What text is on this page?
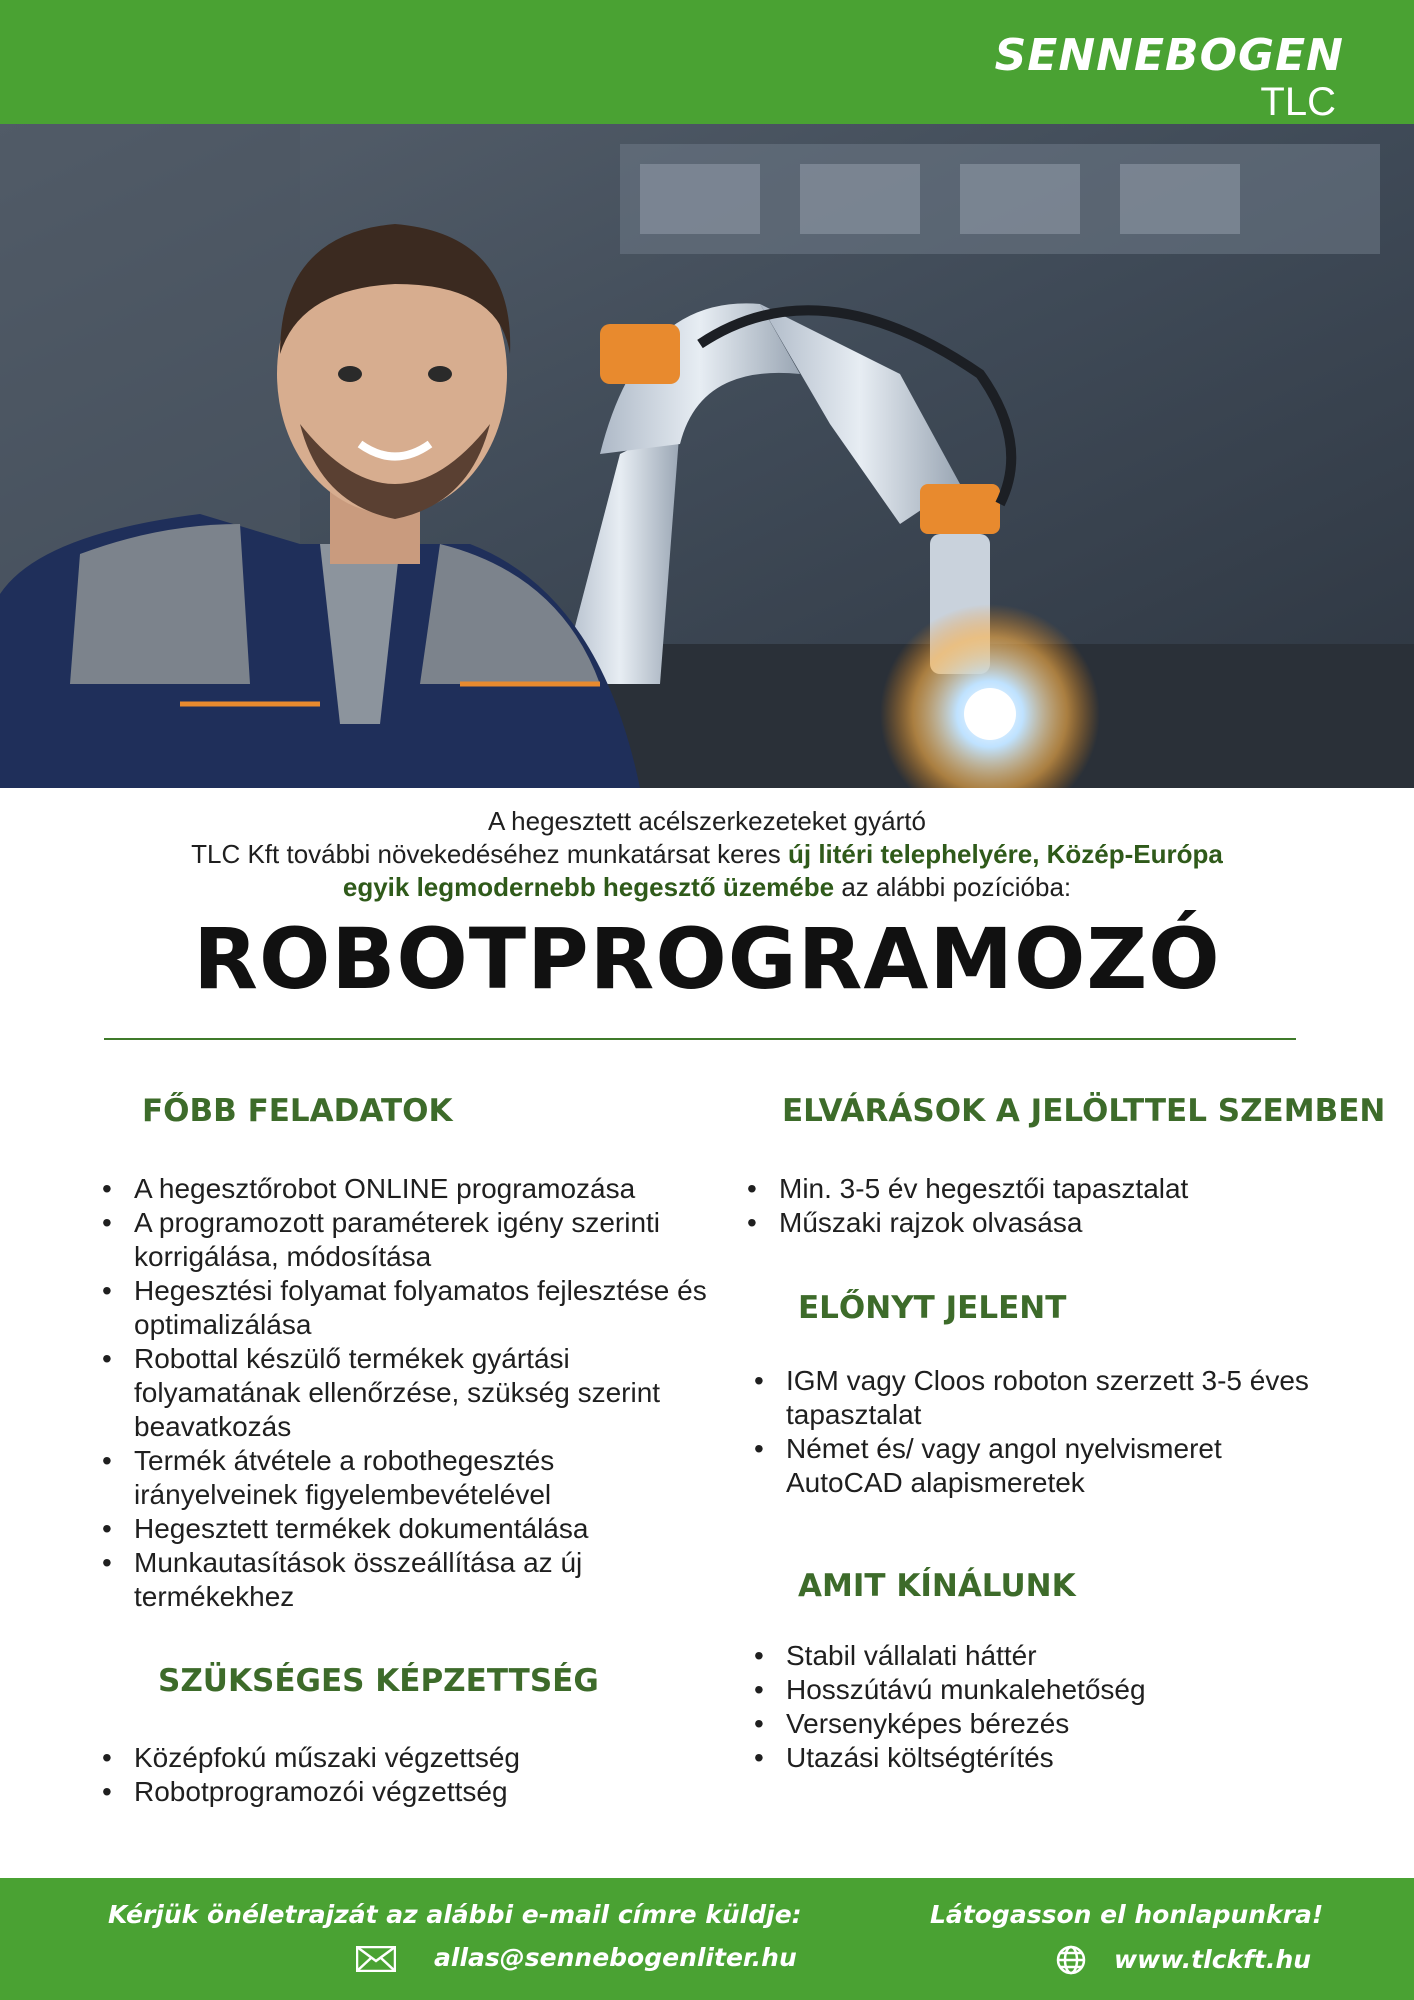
SENNEBOGEN
TLC
A hegesztett acélszerkezeteket gyártó
TLC Kft további növekedéséhez munkatársat keres új litéri telephelyére, Közép-Európa
egyik legmodernebb hegesztő üzemébe az alábbi pozícióba:
ROBOTPROGRAMOZÓ
FŐBB FELADATOK
• A hegesztőrobot ONLINE programozása
• A programozott paraméterek igény szerinti korrigálása, módosítása
• Hegesztési folyamat folyamatos fejlesztése és optimalizálása
• Robottal készülő termékek gyártási folyamatának ellenőrzése, szükség szerint beavatkozás
• Termék átvétele a robothegesztés irányelveinek figyelembevételével
• Hegesztett termékek dokumentálása
• Munkautasítások összeállítása az új termékekhez
SZÜKSÉGES KÉPZETTSÉG
• Középfokú műszaki végzettség
• Robotprogramozói végzettség
ELVÁRÁSOK A JELÖLTTEL SZEMBEN
• Min. 3-5 év hegesztői tapasztalat
• Műszaki rajzok olvasása
ELŐNYT JELENT
• IGM vagy Cloos roboton szerzett 3-5 éves tapasztalat
• Német és/ vagy angol nyelvismeret AutoCAD alapismeretek
AMIT KÍNÁLUNK
• Stabil vállalati háttér
• Hosszútávú munkalehetőség
• Versenyképes bérezés
• Utazási költségtérítés
Kérjük önéletrajzát az alábbi e-mail címre küldje:
allas@sennebogenliter.hu
Látogasson el honlapunkra!
www.tlckft.hu
